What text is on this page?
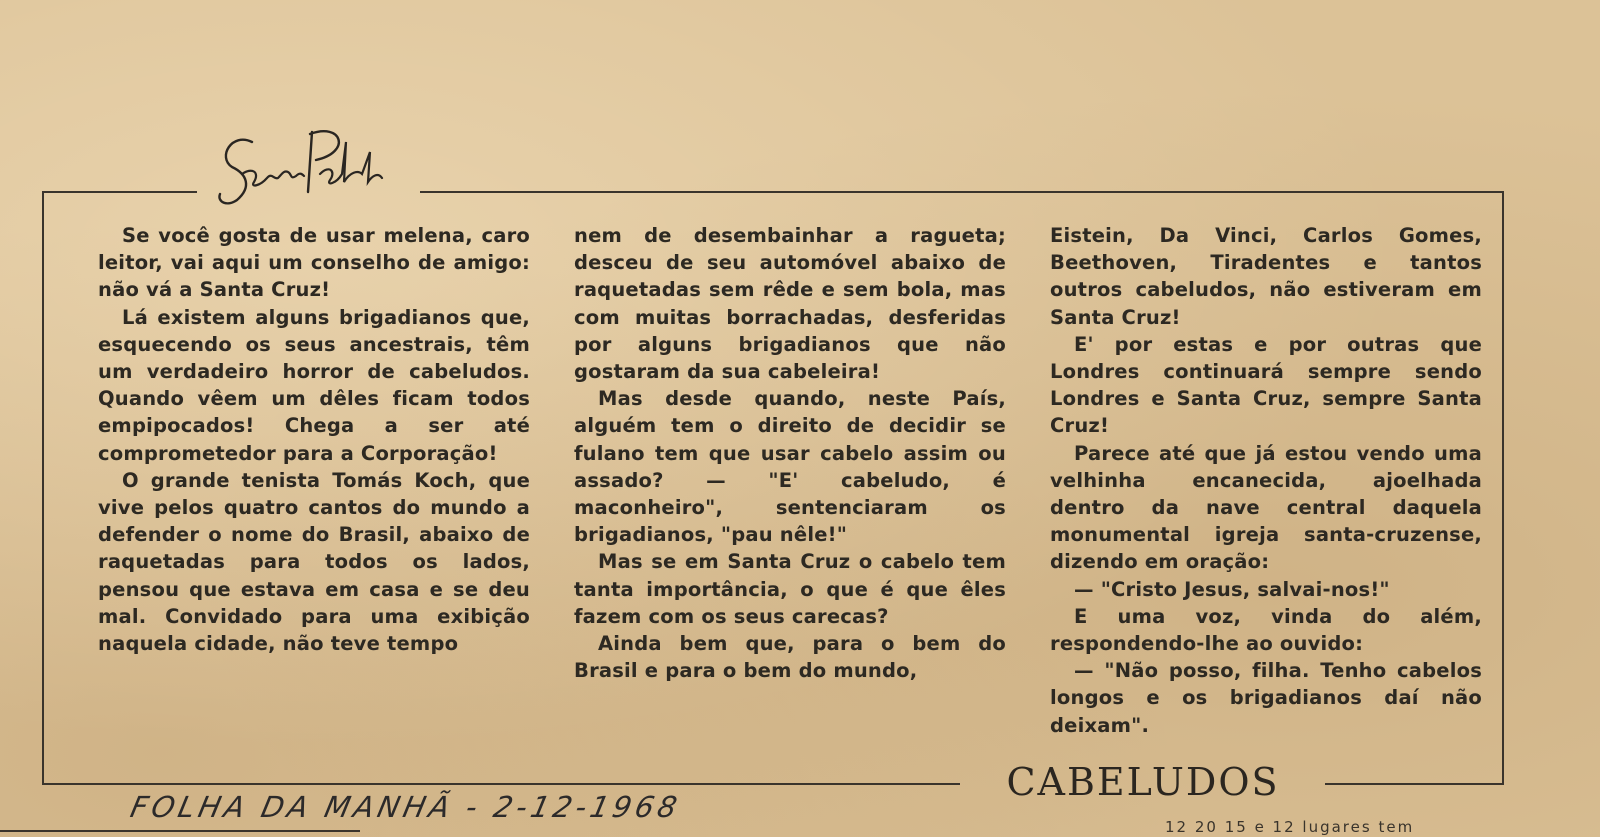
Se você gosta de usar melena, caro leitor, vai aqui um conselho de amigo: não vá a Santa Cruz!

Lá existem alguns brigadianos que, esquecendo os seus ancestrais, têm um verdadeiro horror de cabeludos. Quando vêem um dêles ficam todos empipocados! Chega a ser até comprometedor para a Corporação!

O grande tenista Tomás Koch, que vive pelos quatro cantos do mundo a defender o nome do Brasil, abaixo de raquetadas para todos os lados, pensou que estava em casa e se deu mal. Convidado para uma exibição naquela cidade, não teve tempo

nem de desembainhar a ragueta; desceu de seu automóvel abaixo de raquetadas sem rêde e sem bola, mas com muitas borrachadas, desferidas por alguns brigadianos que não gostaram da sua cabeleira!

Mas desde quando, neste País, alguém tem o direito de decidir se fulano tem que usar cabelo assim ou assado? — "E' cabeludo, é maconheiro", sentenciaram os brigadianos, "pau nêle!"

Mas se em Santa Cruz o cabelo tem tanta importância, o que é que êles fazem com os seus carecas?

Ainda bem que, para o bem do Brasil e para o bem do mundo,

Eistein, Da Vinci, Carlos Gomes, Beethoven, Tiradentes e tantos outros cabeludos, não estiveram em Santa Cruz!

E' por estas e por outras que Londres continuará sempre sendo Londres e Santa Cruz, sempre Santa Cruz!

Parece até que já estou vendo uma velhinha encanecida, ajoelhada dentro da nave central daquela monumental igreja santa-cruzense, dizendo em oração:

— "Cristo Jesus, salvai-nos!"

E uma voz, vinda do além, respondendo-lhe ao ouvido:

— "Não posso, filha. Tenho cabelos longos e os brigadianos daí não deixam".

CABELUDOS
FOLHA DA MANHÃ - 2-12-1968
12 20 15 e 12 lugares tem
